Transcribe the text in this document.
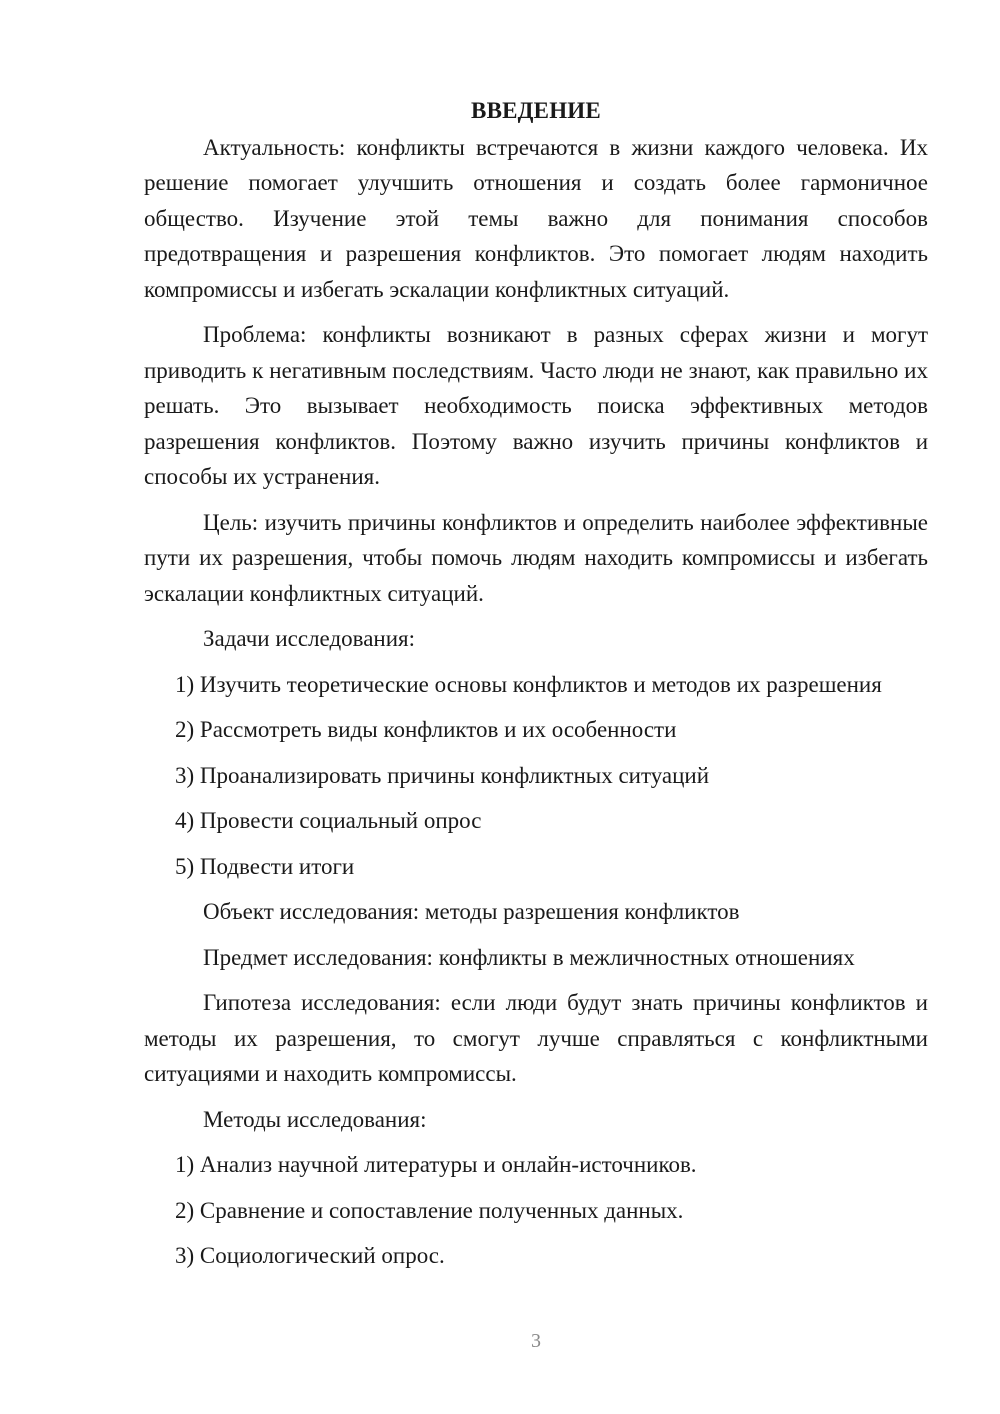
ВВЕДЕНИЕ
Актуальность: конфликты встречаются в жизни каждого человека. Их решение помогает улучшить отношения и создать более гармоничное общество. Изучение этой темы важно для понимания способов предотвращения и разрешения конфликтов. Это помогает людям находить компромиссы и избегать эскалации конфликтных ситуаций.
Проблема: конфликты возникают в разных сферах жизни и могут приводить к негативным последствиям. Часто люди не знают, как правильно их решать. Это вызывает необходимость поиска эффективных методов разрешения конфликтов. Поэтому важно изучить причины конфликтов и способы их устранения.
Цель: изучить причины конфликтов и определить наиболее эффективные пути их разрешения, чтобы помочь людям находить компромиссы и избегать эскалации конфликтных ситуаций.
Задачи исследования:
1) Изучить теоретические основы конфликтов и методов их разрешения
2) Рассмотреть виды конфликтов и их особенности
3) Проанализировать причины конфликтных ситуаций
4) Провести социальный опрос
5) Подвести итоги
Объект исследования: методы разрешения конфликтов
Предмет исследования: конфликты в межличностных отношениях
Гипотеза исследования: если люди будут знать причины конфликтов и методы их разрешения, то смогут лучше справляться с конфликтными ситуациями и находить компромиссы.
Методы исследования:
1) Анализ научной литературы и онлайн-источников.
2) Сравнение и сопоставление полученных данных.
3) Социологический опрос.
3
